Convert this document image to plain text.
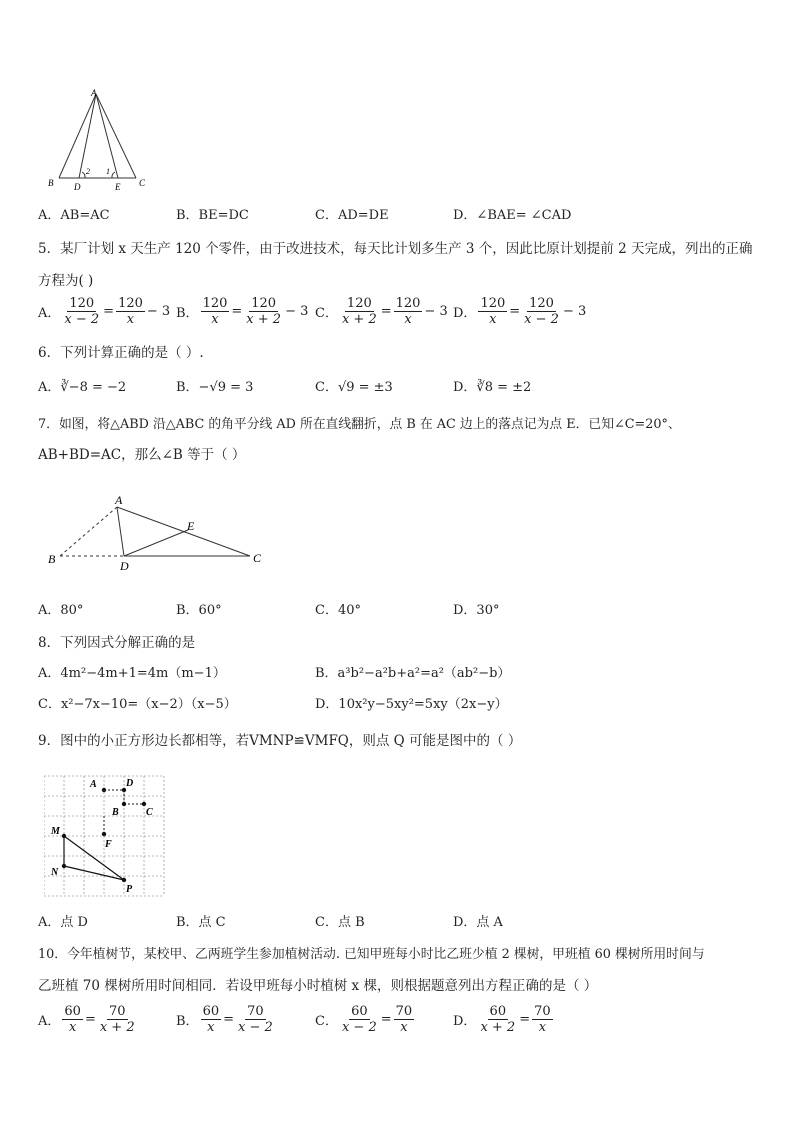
A
B D	E C
2 1
A．AB=AC	B．BE=DC	C．AD=DE	D．∠BAE= ∠CAD
5．某厂计划 x 天生产 120 个零件，由于改进技术，每天比计划多生产 3 个，因此比原计划提前 2 天完成，列出的正确
方程为( )
A． $\frac{120}{x - 2} = \frac{120}{x} - 3$ B． $\frac{120}{x} = \frac{120}{x + 2} - 3$ C． $\frac{120}{x + 2} = \frac{120}{x} - 3$ D． $\frac{120}{x} = \frac{120}{x - 2} - 3$
6．下列计算正确的是（ ）.
A．∛−8 = −2	B．−√9 = 3	C．√9 = ±3	D．∛8 = ±2
7．如图，将△ABD 沿△ABC 的角平分线 AD 所在直线翻折，点 B 在 AC 边上的落点记为点 E．已知∠C=20°、
AB+BD=AC，那么∠B 等于（ ）
A
B	D
E
C
A．80°	B．60°	C．40°	D．30°
8．下列因式分解正确的是
A．4m²−4m+1=4m（m−1）	B．a³b²−a²b+a²=a²（ab²−b）
C．x²−7x−10=（x−2）（x−5）	D．10x²y−5xy²=5xy（2x−y）
9．图中的小正方形边长都相等，若VMNP≌VMFQ，则点 Q 可能是图中的（ ）
A	D
B	C
M
F
N
P
A．点 D	B．点 C	C．点 B	D．点 A
10．今年植树节，某校甲、乙两班学生参加植树活动. 已知甲班每小时比乙班少植 2 棵树，甲班植 60 棵树所用时间与
乙班植 70 棵树所用时间相同．若设甲班每小时植树 x 棵，则根据题意列出方程正确的是（ ）
A． $\frac{60}{x} = \frac{70}{x + 2}$	B． $\frac{60}{x} = \frac{70}{x - 2}$	C． $\frac{60}{x - 2} = \frac{70}{x}$	D． $\frac{60}{x + 2} = \frac{70}{x}$
